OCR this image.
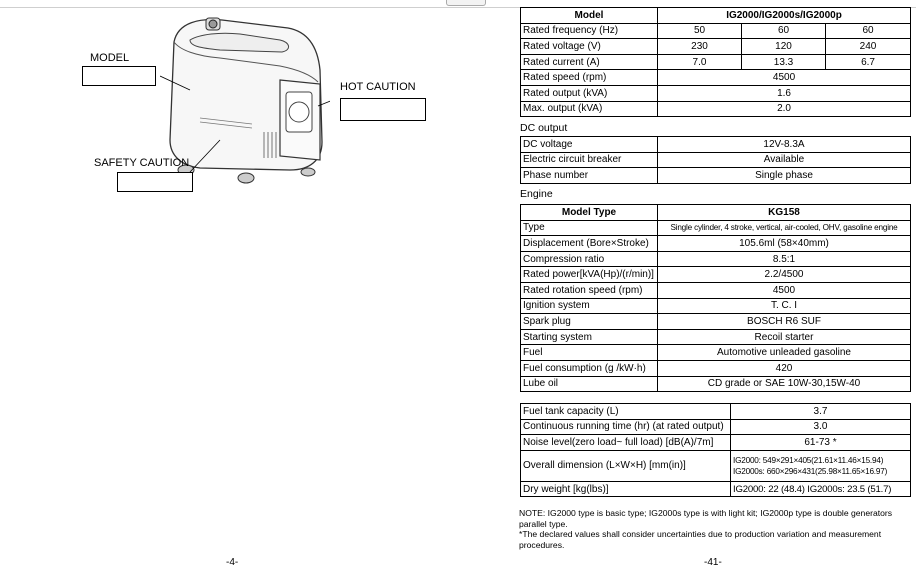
MODEL
HOT CAUTION
SAFETY CAUTION
-4-
Model	IG2000/IG2000s/IG2000p		
Rated frequency (Hz)	50	60	60
Rated voltage (V)	230	120	240
Rated current (A)	7.0	13.3	6.7
Rated speed (rpm)	4500		
Rated output (kVA)	1.6		
Max. output (kVA)	2.0		
DC output
DC voltage	12V-8.3A
Electric circuit breaker	Available
Phase number	Single phase
Engine
Model Type	KG158
Type	Single cylinder, 4 stroke, vertical, air-cooled, OHV, gasoline engine
Displacement (Bore×Stroke)	105.6ml (58×40mm)
Compression ratio	8.5:1
Rated power[kVA(Hp)/(r/min)]	2.2/4500
Rated rotation speed (rpm)	4500
Ignition system	T. C. I
Spark plug	BOSCH R6 SUF
Starting system	Recoil starter
Fuel	Automotive unleaded gasoline
Fuel consumption (g /kW·h)	420
Lube oil	CD grade or SAE 10W-30,15W-40
Fuel tank capacity (L)	3.7
Continuous running time (hr) (at rated output)	3.0
Noise level(zero load~ full load) [dB(A)/7m]	61-73 *
Overall dimension (L×W×H) [mm(in)]	IG2000: 549×291×405(21.61×11.46×15.94)
IG2000s: 660×296×431(25.98×11.65×16.97)

Dry weight [kg(lbs)]	IG2000: 22 (48.4) IG2000s: 23.5 (51.7)

NOTE: IG2000 type is basic type; IG2000s type is with light kit; IG2000p type is double generators parallel type.

*The declared values shall consider uncertainties due to production variation and measurement procedures.

-41-
